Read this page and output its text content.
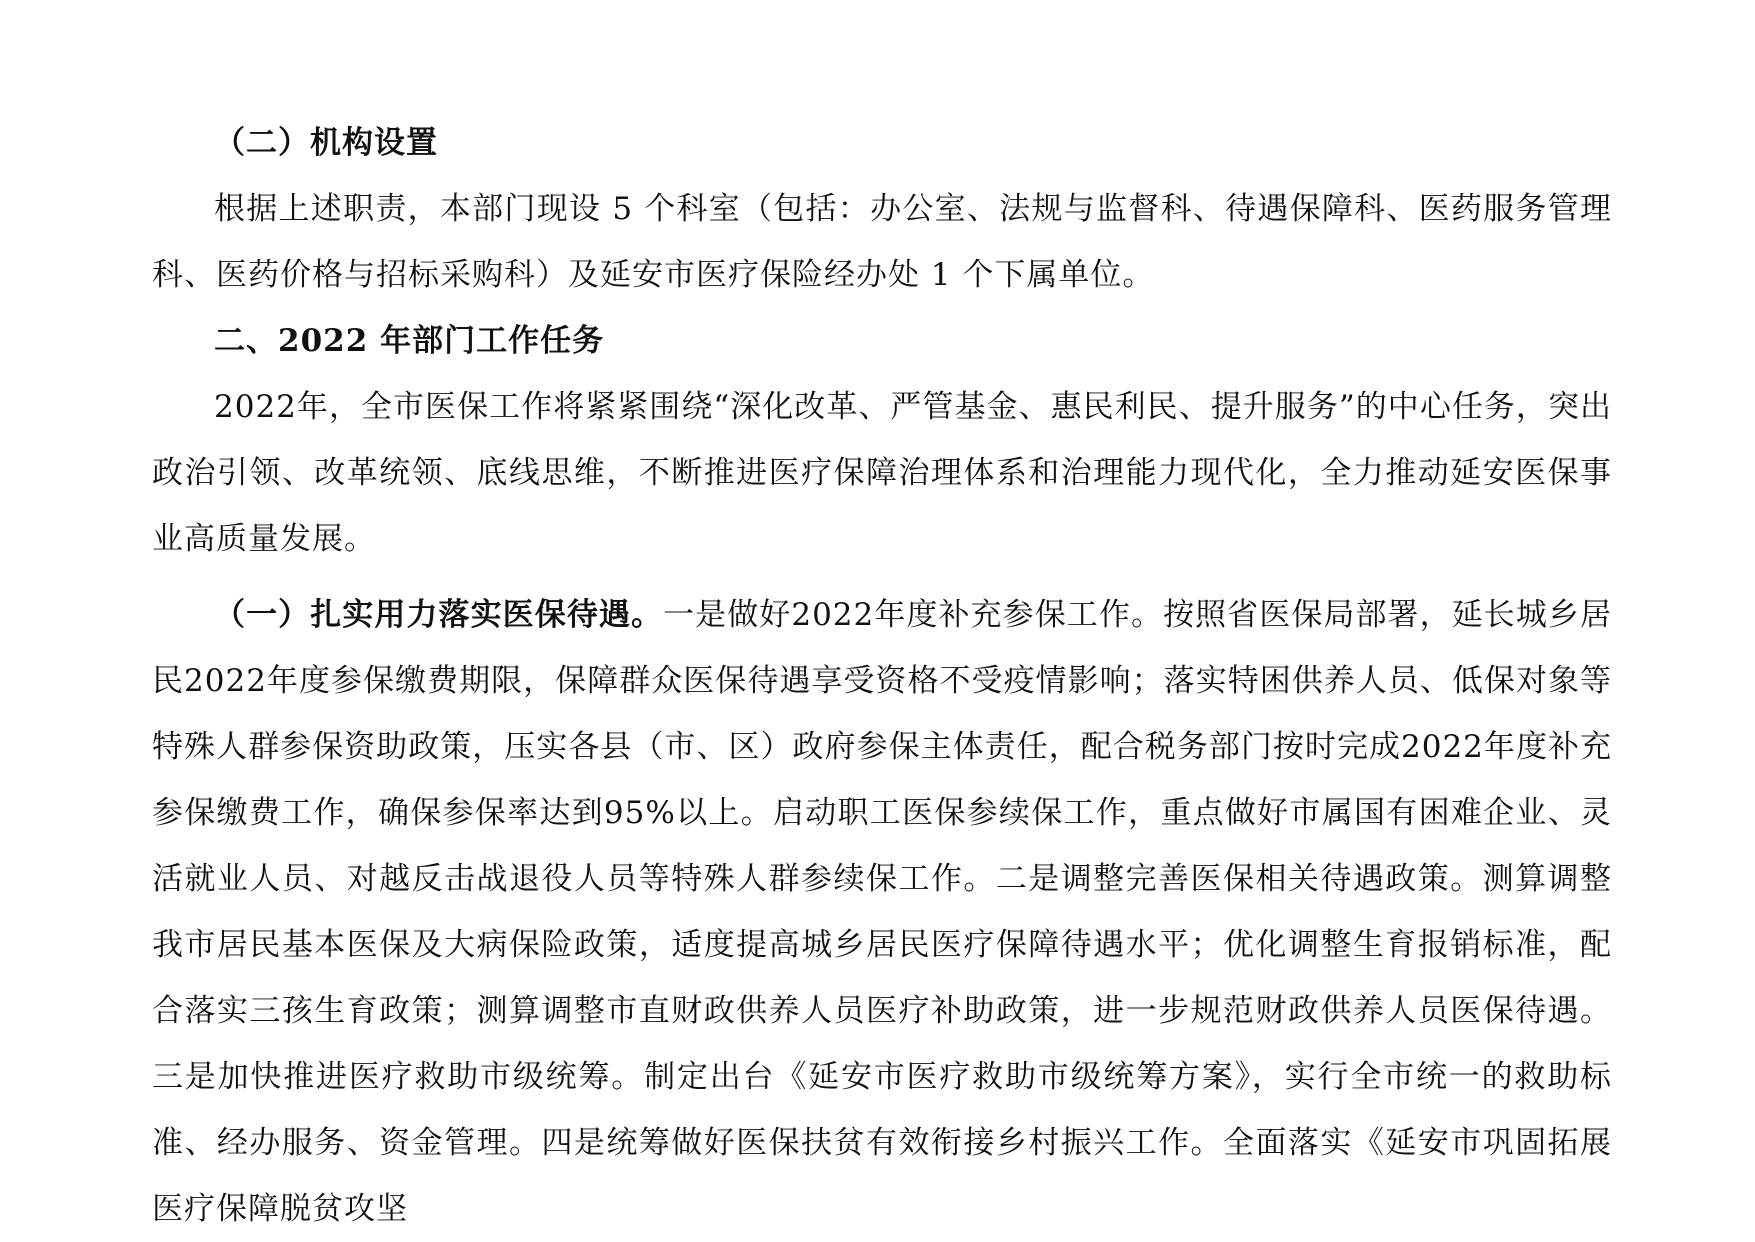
（二）机构设置

根据上述职责，本部门现设 5 个科室（包括：办公室、法规与监督科、待遇保障科、医药服务管理科、医药价格与招标采购科）及延安市医疗保险经办处 1 个下属单位。

二、2022 年部门工作任务

2022年，全市医保工作将紧紧围绕“深化改革、严管基金、惠民利民、提升服务”的中心任务，突出政治引领、改革统领、底线思维，不断推进医疗保障治理体系和治理能力现代化，全力推动延安医保事业高质量发展。

（一）扎实用力落实医保待遇。一是做好2022年度补充参保工作。按照省医保局部署，延长城乡居民2022年度参保缴费期限，保障群众医保待遇享受资格不受疫情影响；落实特困供养人员、低保对象等特殊人群参保资助政策，压实各县（市、区）政府参保主体责任，配合税务部门按时完成2022年度补充参保缴费工作，确保参保率达到95%以上。启动职工医保参续保工作，重点做好市属国有困难企业、灵活就业人员、对越反击战退役人员等特殊人群参续保工作。二是调整完善医保相关待遇政策。测算调整我市居民基本医保及大病保险政策，适度提高城乡居民医疗保障待遇水平；优化调整生育报销标准，配合落实三孩生育政策；测算调整市直财政供养人员医疗补助政策，进一步规范财政供养人员医保待遇。三是加快推进医疗救助市级统筹。制定出台《延安市医疗救助市级统筹方案》，实行全市统一的救助标准、经办服务、资金管理。四是统筹做好医保扶贫有效衔接乡村振兴工作。全面落实《延安市巩固拓展医疗保障脱贫攻坚
